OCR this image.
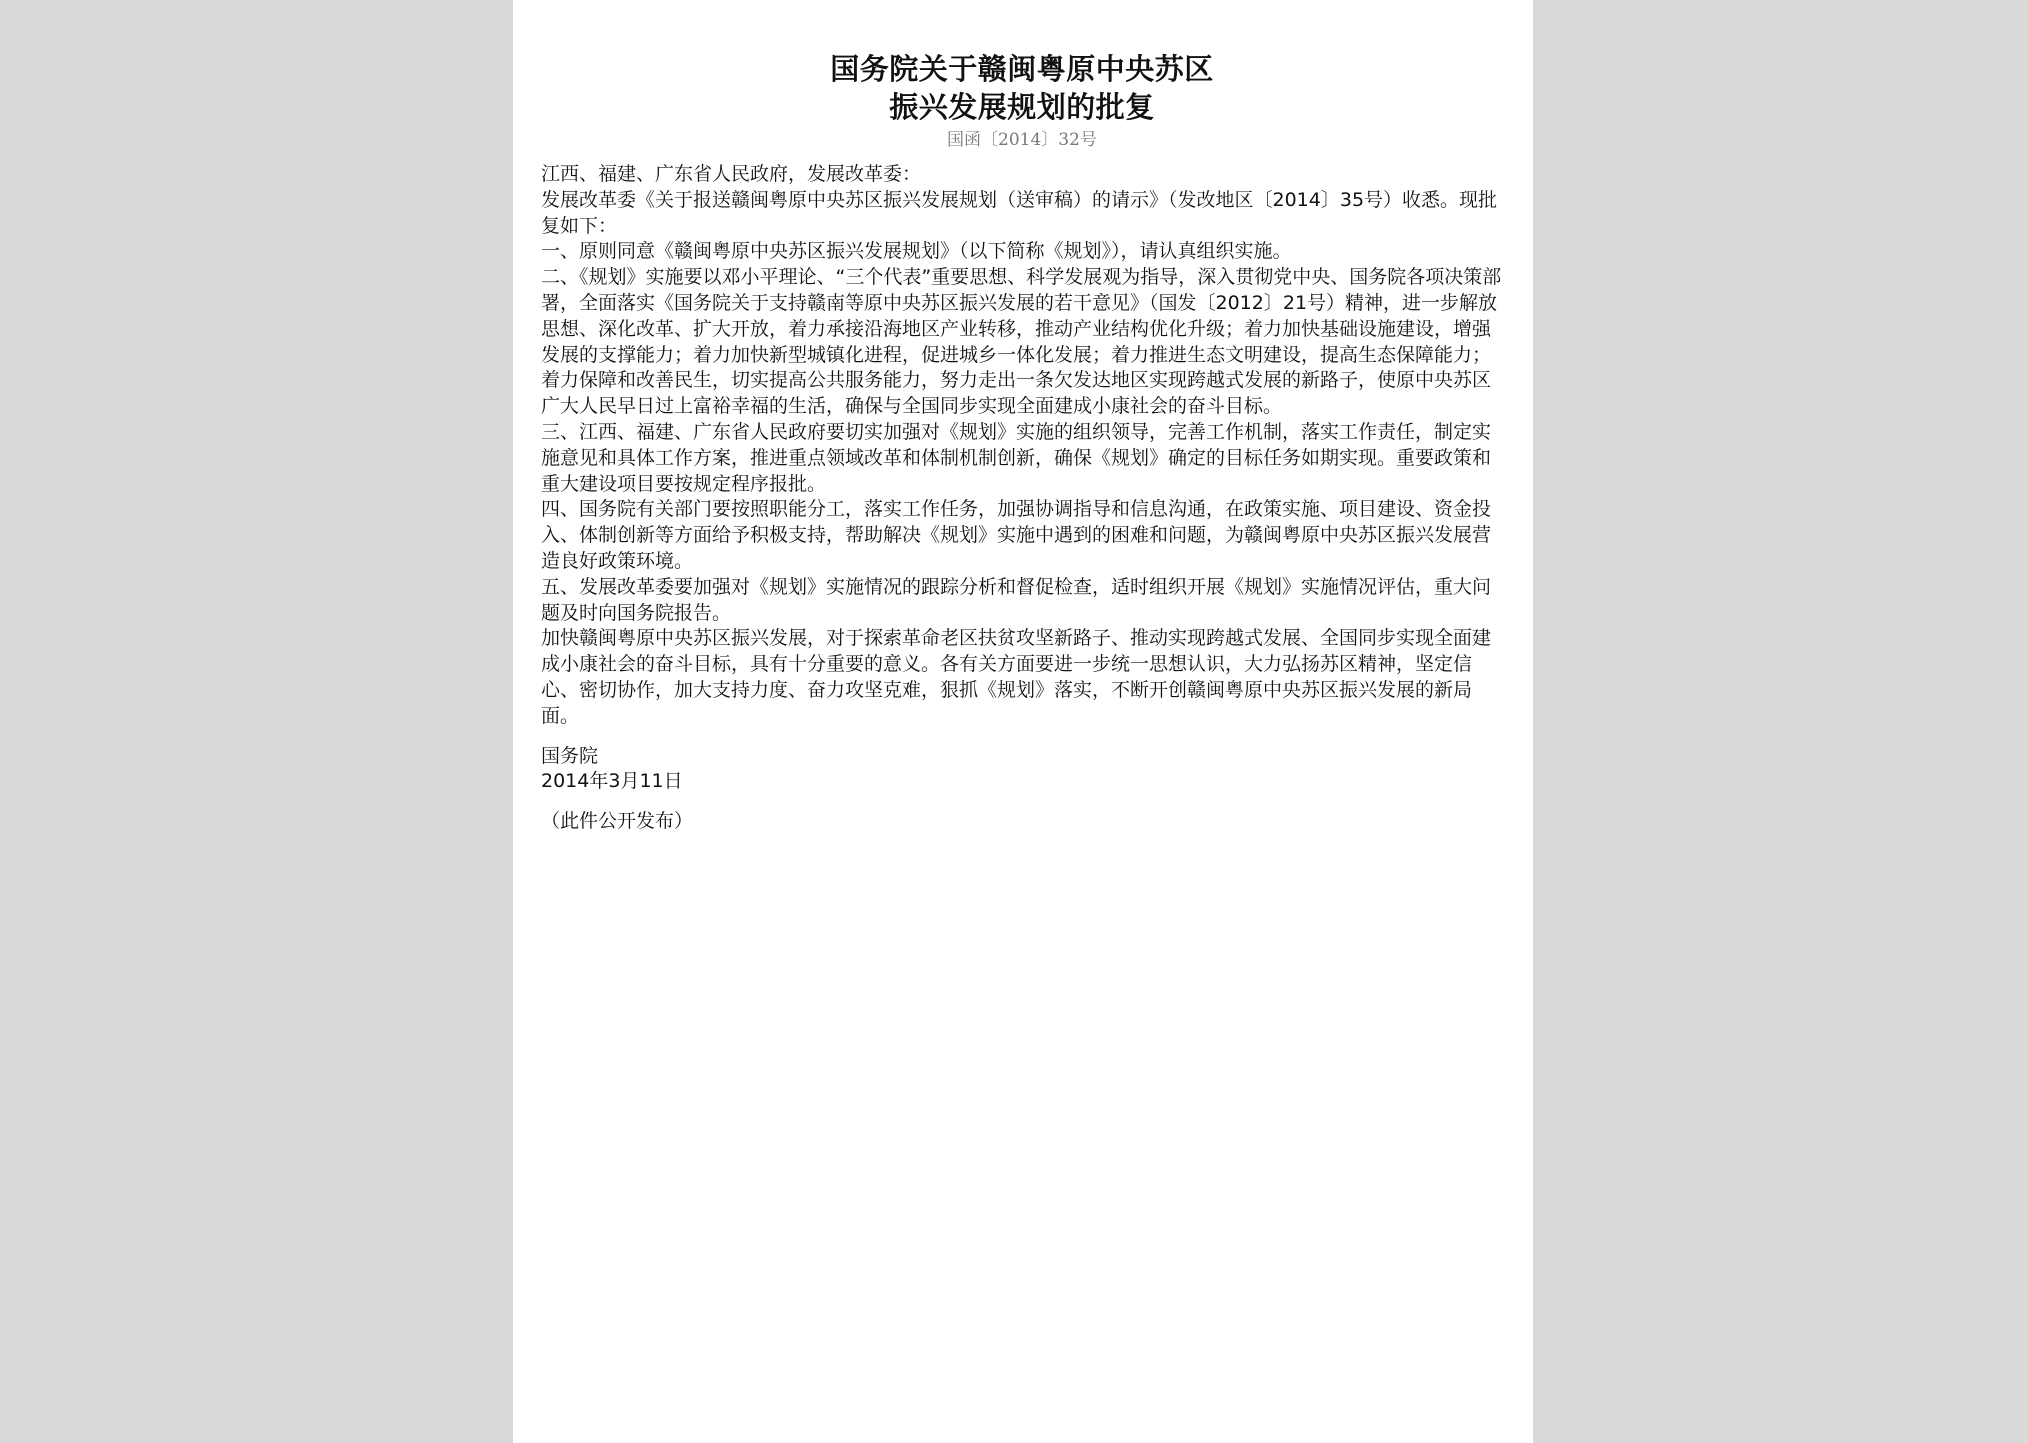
国务院关于赣闽粤原中央苏区
振兴发展规划的批复
国函〔2014〕32号

江西、福建、广东省人民政府，发展改革委：

发展改革委《关于报送赣闽粤原中央苏区振兴发展规划（送审稿）的请示》（发改地区〔2014〕35号）收悉。现批复如下：

一、原则同意《赣闽粤原中央苏区振兴发展规划》（以下简称《规划》），请认真组织实施。

二、《规划》实施要以邓小平理论、“三个代表”重要思想、科学发展观为指导，深入贯彻党中央、国务院各项决策部署，全面落实《国务院关于支持赣南等原中央苏区振兴发展的若干意见》（国发〔2012〕21号）精神，进一步解放思想、深化改革、扩大开放，着力承接沿海地区产业转移，推动产业结构优化升级；着力加快基础设施建设，增强发展的支撑能力；着力加快新型城镇化进程，促进城乡一体化发展；着力推进生态文明建设，提高生态保障能力；着力保障和改善民生，切实提高公共服务能力，努力走出一条欠发达地区实现跨越式发展的新路子，使原中央苏区广大人民早日过上富裕幸福的生活，确保与全国同步实现全面建成小康社会的奋斗目标。

三、江西、福建、广东省人民政府要切实加强对《规划》实施的组织领导，完善工作机制，落实工作责任，制定实施意见和具体工作方案，推进重点领域改革和体制机制创新，确保《规划》确定的目标任务如期实现。重要政策和重大建设项目要按规定程序报批。

四、国务院有关部门要按照职能分工，落实工作任务，加强协调指导和信息沟通，在政策实施、项目建设、资金投入、体制创新等方面给予积极支持，帮助解决《规划》实施中遇到的困难和问题，为赣闽粤原中央苏区振兴发展营造良好政策环境。

五、发展改革委要加强对《规划》实施情况的跟踪分析和督促检查，适时组织开展《规划》实施情况评估，重大问题及时向国务院报告。

加快赣闽粤原中央苏区振兴发展，对于探索革命老区扶贫攻坚新路子、推动实现跨越式发展、全国同步实现全面建成小康社会的奋斗目标，具有十分重要的意义。各有关方面要进一步统一思想认识，大力弘扬苏区精神，坚定信心、密切协作，加大支持力度、奋力攻坚克难，狠抓《规划》落实，不断开创赣闽粤原中央苏区振兴发展的新局面。

国务院
2014年3月11日
（此件公开发布）
